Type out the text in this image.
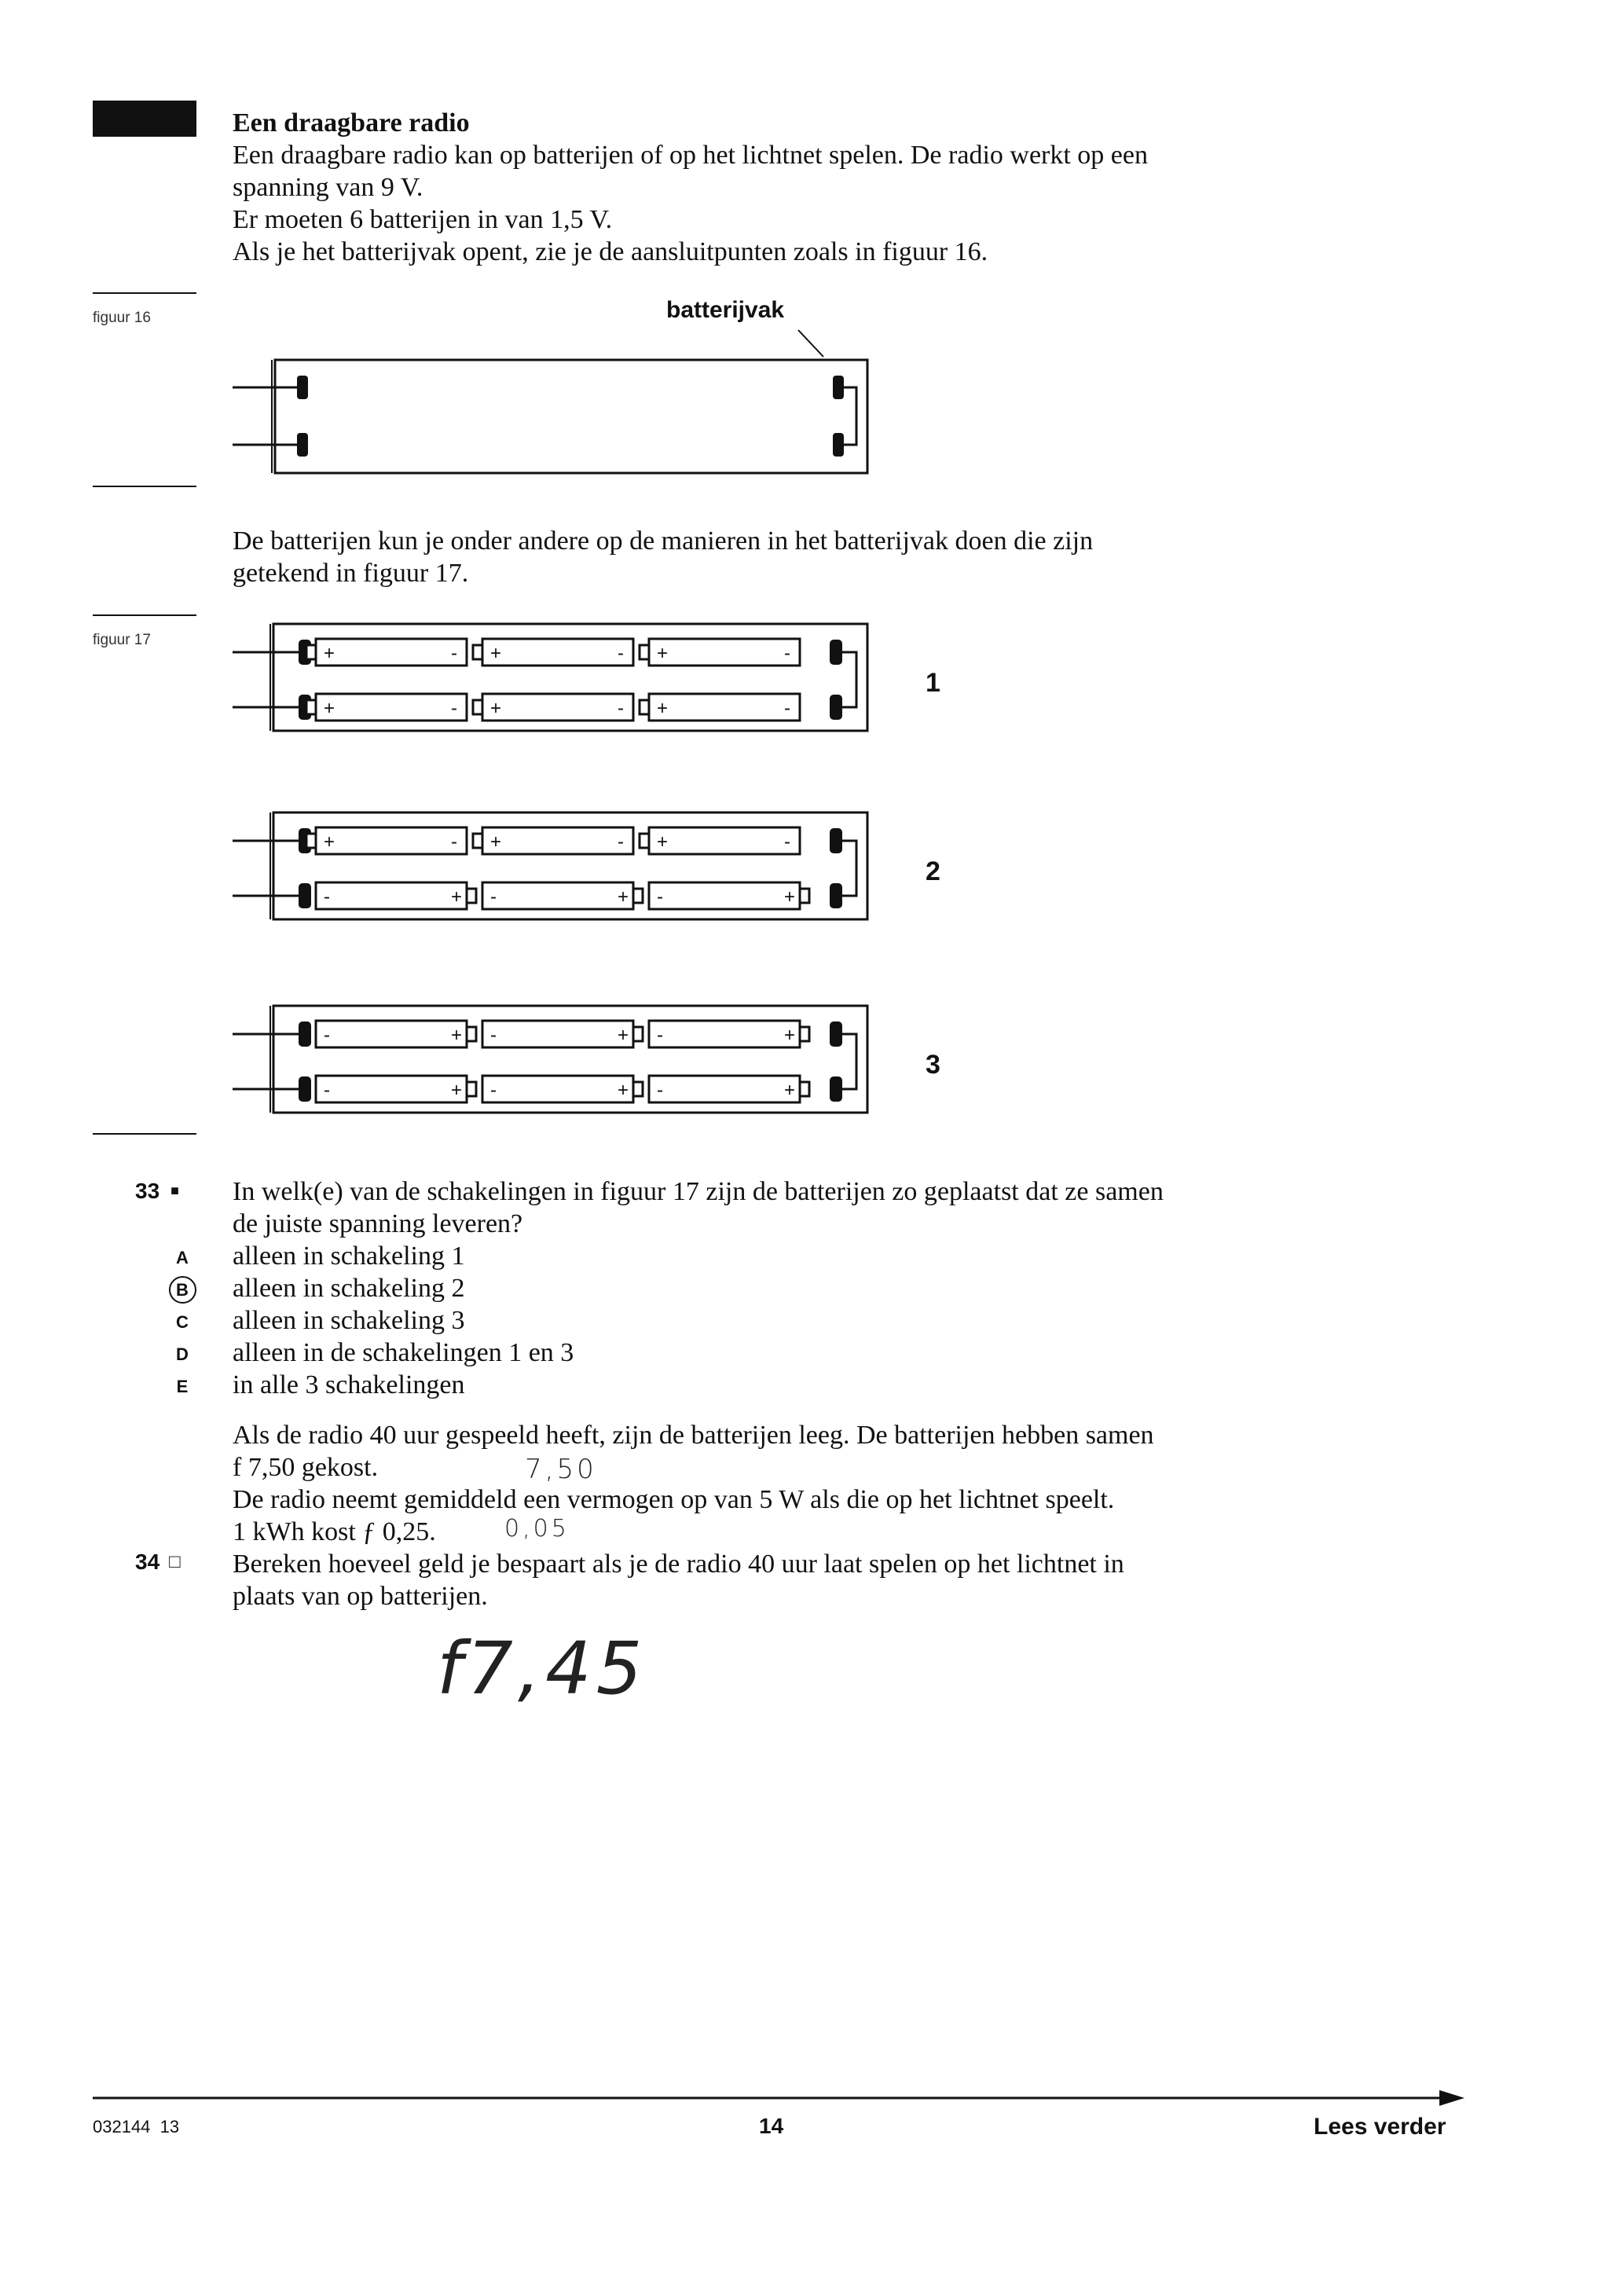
Een draagbare radio
Een draagbare radio kan op batterijen of op het lichtnet spelen. De radio werkt op een
spanning van 9 V.
Er moeten 6 batterijen in van 1,5 V.
Als je het batterijvak opent, zie je de aansluitpunten zoals in figuur 16.
figuur 16	batterijvak
De batterijen kun je onder andere op de manieren in het batterijvak doen die zijn
getekend in figuur 17.
figuur 17
+	- +	- +	-
+	- +	- +	-
1
+	- +	- +	-
-	+ -	+ -	+
2
-	+ -	+ -	+
-	+ -	+ -	+
3
33 ■ In welk(e) van de schakelingen in figuur 17 zijn de batterijen zo geplaatst dat ze samen
de juiste spanning leveren?
A alleen in schakeling 1
B alleen in schakeling 2
C alleen in schakeling 3
D alleen in de schakelingen 1 en 3
E	in alle 3 schakelingen
Als de radio 40 uur gespeeld heeft, zijn de batterijen leeg. De batterijen hebben samen
f 7,50 gekost.
De radio neemt gemiddeld een vermogen op van 5 W als die op het lichtnet speelt.
1 kWh kost ƒ 0,25.
7,50
0,05
34 □ Bereken hoeveel geld je bespaart als je de radio 40 uur laat spelen op het lichtnet in
plaats van op batterijen.
f7,45
032144  13	14	Lees verder
